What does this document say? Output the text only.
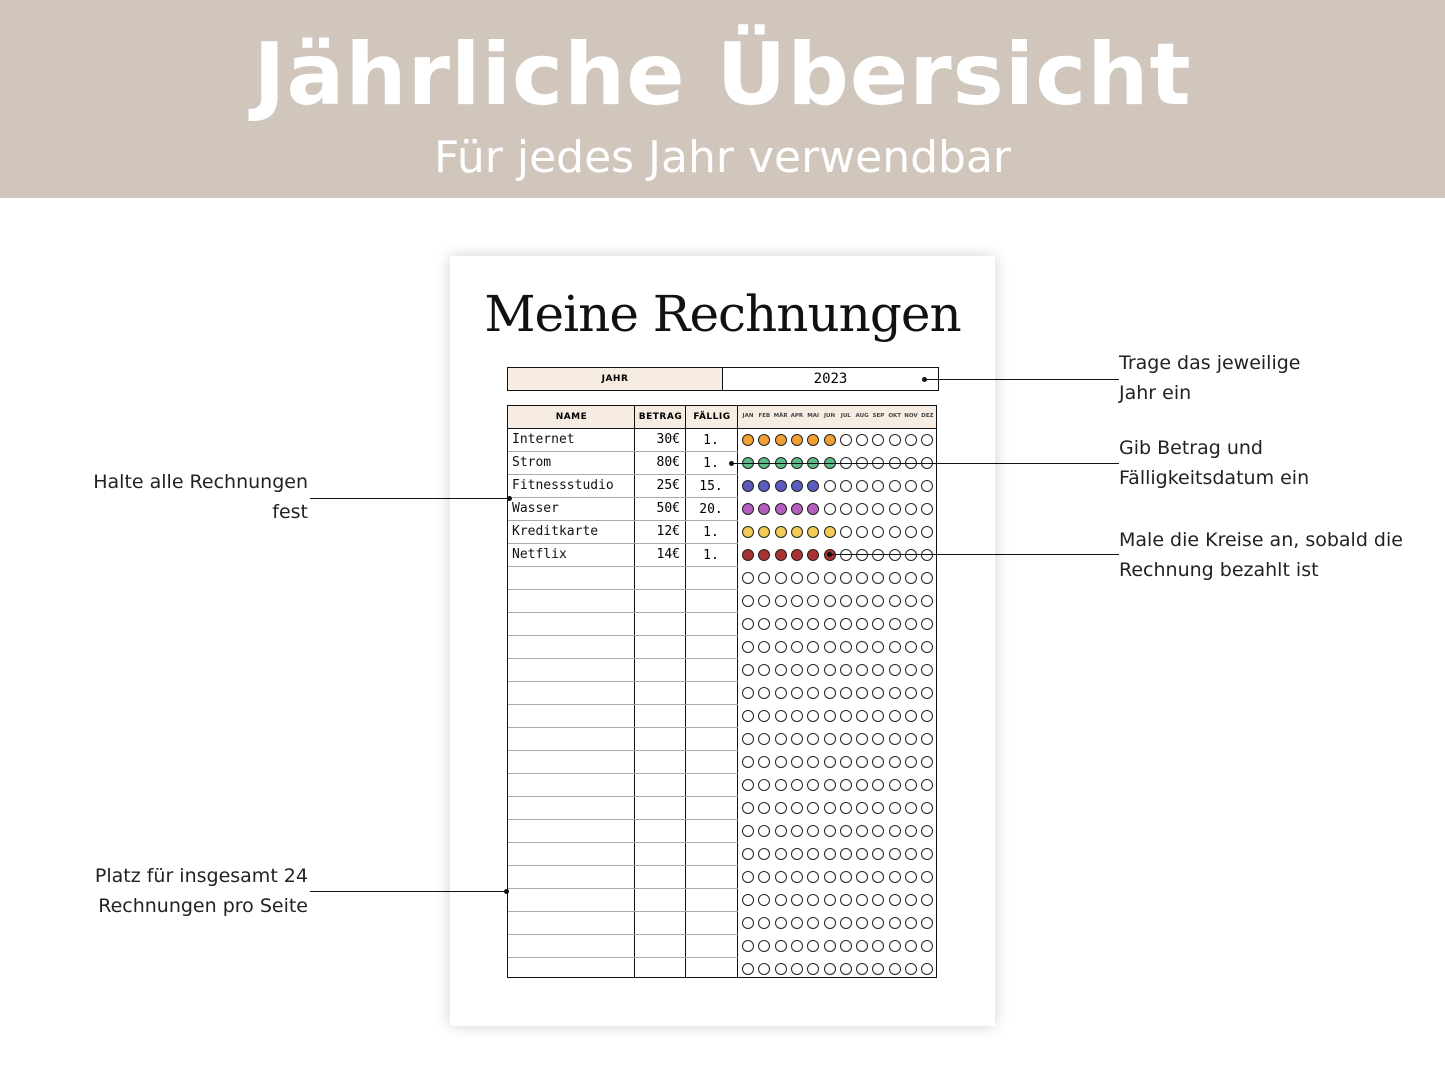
Jährliche Übersicht
Für jedes Jahr verwendbar
Meine Rechnungen
JAHR	2023
NAME	BETRAG	FÄLLIG	JAN FEB MÄR APR MAI JUN	JUL AUG SEP OKT NOV DEZ
Internet	30€	1.
Strom	80€	1.
Fitnessstudio	25€	15.
Wasser	50€	20.
Kreditkarte	12€	1.
Netflix	14€	1.
Trage das jeweilige
Jahr ein
Gib Betrag und
Fälligkeitsdatum ein
Male die Kreise an, sobald die
Rechnung bezahlt ist
Halte alle Rechnungen
fest
Platz für insgesamt 24
Rechnungen pro Seite
